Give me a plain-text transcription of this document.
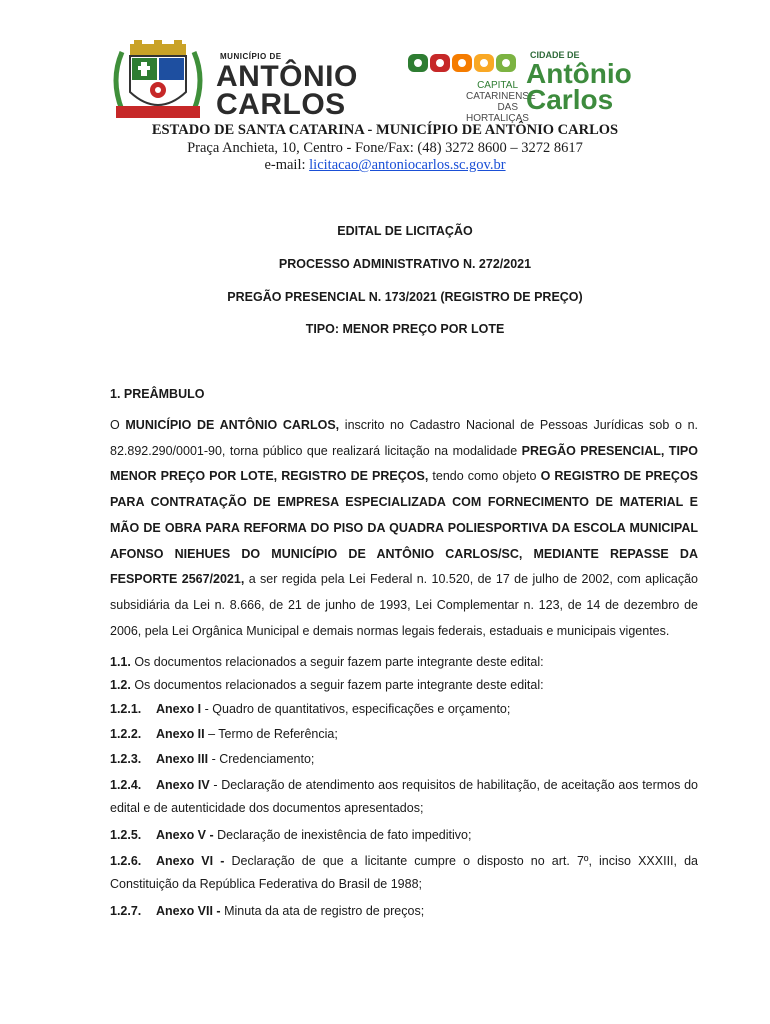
MUNICÍPIO DE
ANTÔNIO
CARLOS
CAPITAL
CATARINENSE
DAS HORTALIÇAS
CIDADE DE
Antônio
Carlos
ESTADO DE SANTA CATARINA - MUNICÍPIO DE ANTÔNIO CARLOS
Praça Anchieta, 10, Centro - Fone/Fax: (48) 3272 8600 – 3272 8617
e-mail: licitacao@antoniocarlos.sc.gov.br
EDITAL DE LICITAÇÃO
PROCESSO ADMINISTRATIVO N. 272/2021
PREGÃO PRESENCIAL N. 173/2021 (REGISTRO DE PREÇO)
TIPO: MENOR PREÇO POR LOTE
1. PREÂMBULO
O MUNICÍPIO DE ANTÔNIO CARLOS, inscrito no Cadastro Nacional de Pessoas Jurídicas sob o n. 82.892.290/0001-90, torna público que realizará licitação na modalidade PREGÃO PRESENCIAL, TIPO MENOR PREÇO POR LOTE, REGISTRO DE PREÇOS, tendo como objeto O REGISTRO DE PREÇOS PARA CONTRATAÇÃO DE EMPRESA ESPECIALIZADA COM FORNECIMENTO DE MATERIAL E MÃO DE OBRA PARA REFORMA DO PISO DA QUADRA POLIESPORTIVA DA ESCOLA MUNICIPAL AFONSO NIEHUES DO MUNICÍPIO DE ANTÔNIO CARLOS/SC, MEDIANTE REPASSE DA FESPORTE 2567/2021, a ser regida pela Lei Federal n. 10.520, de 17 de julho de 2002, com aplicação subsidiária da Lei n. 8.666, de 21 de junho de 1993, Lei Complementar n. 123, de 14 de dezembro de 2006, pela Lei Orgânica Municipal e demais normas legais federais, estaduais e municipais vigentes.
1.1. Os documentos relacionados a seguir fazem parte integrante deste edital:
1.2. Os documentos relacionados a seguir fazem parte integrante deste edital:
1.2.1. Anexo I - Quadro de quantitativos, especificações e orçamento;
1.2.2. Anexo II – Termo de Referência;
1.2.3. Anexo III - Credenciamento;
1.2.4. Anexo IV - Declaração de atendimento aos requisitos de habilitação, de aceitação aos termos do edital e de autenticidade dos documentos apresentados;
1.2.5. Anexo V - Declaração de inexistência de fato impeditivo;
1.2.6. Anexo VI - Declaração de que a licitante cumpre o disposto no art. 7º, inciso XXXIII, da Constituição da República Federativa do Brasil de 1988;
1.2.7. Anexo VII - Minuta da ata de registro de preços;
